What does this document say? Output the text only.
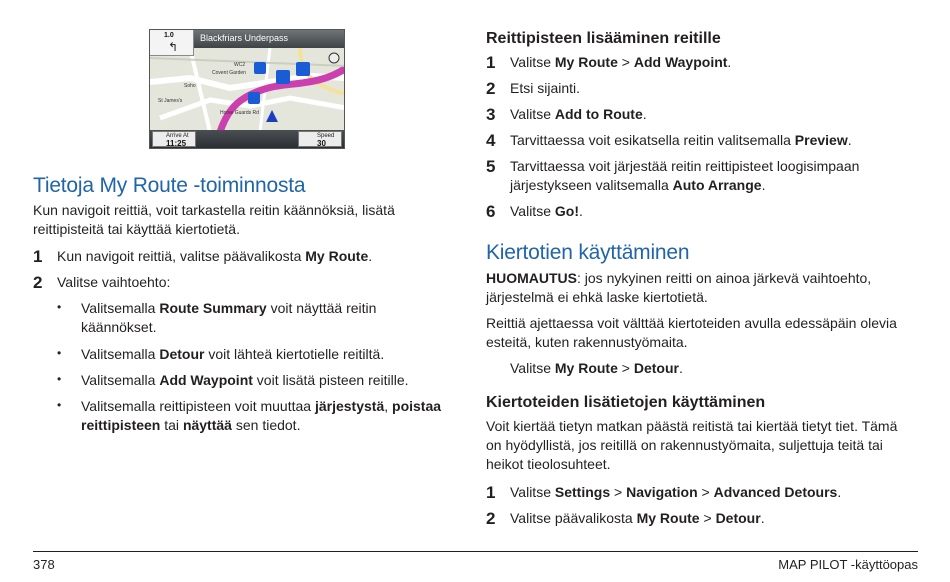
1.0
↰
Blackfriars Underpass
Arrive At
11:25
Speed
30
Covent Garden
Soho
St James's
WC2
Horse Guards Rd
Tietoja My Route -toiminnosta

Kun navigoit reittiä, voit tarkastella reitin käännöksiä, lisätä

reittipisteitä tai käyttää kiertotietä.

1 Kun navigoit reittiä, valitse päävalikosta My Route.

2 Valitse vaihtoehto:

• Valitsemalla Route Summary voit näyttää reitin

käännökset.

• Valitsemalla Detour voit lähteä kiertotielle reitiltä.

• Valitsemalla Add Waypoint voit lisätä pisteen reitille.

• Valitsemalla reittipisteen voit muuttaa järjestystä, poistaa

reittipisteen tai näyttää sen tiedot.

Reittipisteen lisääminen reitille
1 Valitse My Route > Add Waypoint.

2 Etsi sijainti.

3 Valitse Add to Route.

4 Tarvittaessa voit esikatsella reitin valitsemalla Preview.

5 Tarvittaessa voit järjestää reitin reittipisteet loogisimpaan

järjestykseen valitsemalla Auto Arrange.

6 Valitse Go!.

Kiertotien käyttäminen

HUOMAUTUS: jos nykyinen reitti on ainoa järkevä vaihtoehto,

järjestelmä ei ehkä laske kiertotietä.

Reittiä ajettaessa voit välttää kiertoteiden avulla edessäpäin olevia

esteitä, kuten rakennustyömaita.

Valitse My Route > Detour.

Kiertoteiden lisätietojen käyttäminen

Voit kiertää tietyn matkan päästä reitistä tai kiertää tietyt tiet. Tämä

on hyödyllistä, jos reitillä on rakennustyömaita, suljettuja teitä tai

heikot tieolosuhteet.

1 Valitse Settings > Navigation > Advanced Detours.

2 Valitse päävalikosta My Route > Detour.

378	MAP PILOT -käyttöopas
